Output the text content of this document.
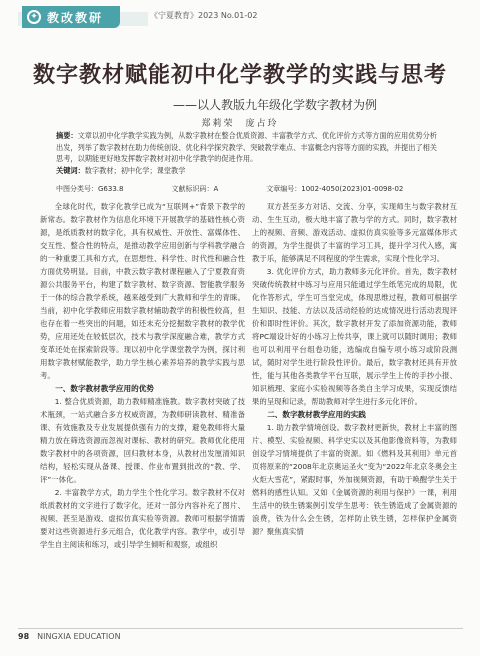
✦ 教改教研	《宁夏教育》2023 No.01-02
数字教材赋能初中化学教学的实践与思考
——以人教版九年级化学数字教材为例
郑莉荣　庞占玲
摘要：文章以初中化学教学实践为例，从数字教材在整合优质资源、丰富教学方式、优化评价方式等方面的应用优势分析出发，列举了数字教材在助力传统创设、优化科学探究教学、突破教学难点、丰富概念内容等方面的实践，并提出了相关思考，以期能更好地发挥数字教材对初中化学教学的促进作用。
关键词：数字教材；初中化学；课堂教学
中图分类号：G633.8	文献标识码：A	文章编号：1002-4050(2023)01-0098-02

全球化时代，数字化教学已成为“互联网+”背景下教学的新常态。数字教材作为信息化环境下开展教学的基础性核心资源，是纸质教材的数字化，具有权威性、开放性、富媒体性、交互性、整合性的特点，是推动教学应用创新与学科教学融合的一种重要工具和方式，在思想性、科学性、时代性和融合性方面优势明显。目前，中教云数字教材课程融入了宁夏教育资源公共服务平台，构建了数字教材、数字资源、智能教学服务于一体的综合教学系统，越来越受到广大教师和学生的青睐。当前，初中化学教师应用数字教材辅助教学的积极性较高，但也存在着一些突出的问题，如还未充分挖掘数字教材的教学优势，应用还处在较低层次，技术与教学深度融合难，教学方式变革还处在探索阶段等。现以初中化学课堂教学为例，探讨利用数字教材赋能教学，助力学生核心素养培养的教学实践与思考。

一、数字教材教学应用的优势

1. 整合优质资源，助力教师精准施教。数字教材突破了技术瓶颈，一站式融合多方权威资源，为教师研读教材、精准备课、有效施教及专业发展提供强有力的支撑，避免教师将大量精力放在筛选资源而忽视对课标、教材的研究。教师优化使用数字教材中的各项资源，回归教材本身，从教材出发厘清知识结构，轻松实现从备课、授课、作业布置到批改的“教、学、评”一体化。

2. 丰富教学方式，助力学生个性化学习。数字教材不仅对纸质教材的文字进行了数字化，还对一部分内容补充了图片、视频、甚至是游戏、虚拟仿真实验等资源。教师可根据学情需要对这些资源进行多元组合，优化教学内容。教学中，或引导学生自主阅读和练习，或引导学生倾听和观察，或组织

双方甚至多方对话、交流、分享，实现师生与数字教材互动、生生互动，极大地丰富了教与学的方式。同时，数字教材上的视频、音频、游戏活动、虚拟仿真实验等多元富媒体形式的资源，为学生提供了丰富的学习工具，提升学习代入感，寓教于乐，能够满足不同程度的学生需求，实现个性化学习。

3. 优化评价方式，助力教师多元化评价。首先，数字教材突破传统教材中练习与应用只能通过学生纸笔完成的局限，优化作答形式，学生可当堂完成，体现思维过程，教师可根据学生知识、技能、方法以及活动经验的达成情况进行活动表现评价和即时性评价。其次，数字教材开发了添加资源功能，教师将PC端设计好的小练习上传共享，课上就可以随时调用；教师也可以利用平台组卷功能，选编成自编专项小练习或阶段测试，随时对学生进行阶段性评价。最后，数字教材还具有开放性，能与其他各类教学平台互联，展示学生上传的手抄小报、知识梳理、家庭小实验视频等各类自主学习成果，实现反馈结果的呈现和记录，帮助教师对学生进行多元化评价。

二、数字教材教学应用的实践

1. 助力教学情境创设。数字教材更新快，教材上丰富的图片、模型、实验视频、科学史实以及其他影像资料等，为教师创设学习情境提供了丰富的资源。如《燃料及其利用》单元首页将原来的“2008年北京奥运圣火”变为“2022年北京冬奥会主火炬大雪花”，紧跟时事，外加视频资源，有助于唤醒学生关于燃料的感性认知。又如《金属资源的利用与保护》一课，利用生活中的铁生锈案例引发学生思考：铁生锈造成了金属资源的浪费，铁为什么会生锈，怎样防止铁生锈，怎样保护金属资源？聚焦真实情

98 NINGXIA EDUCATION
